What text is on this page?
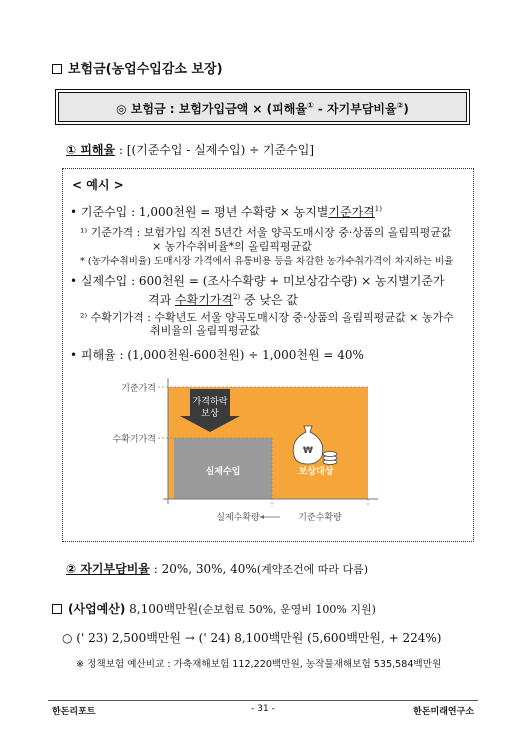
보험금(농업수입감소 보장)
◎ 보험금 : 보험가입금액 × (피해율① - 자기부담비율②)
① 피해율 : [(기준수입 - 실제수입) ÷ 기준수입]
< 예시 >
• 기준수입 : 1,000천원 = 평년 수확량 × 농지별기준가격$^{1)}$
¹⁾ 기준가격 : 보험가입 직전 5년간 서울 양곡도매시장 중·상품의 올림픽평균값
× 농가수취비율*의 올림픽평균값
* (농가수취비율) 도매시장 가격에서 유통비용 등을 차감한 농가수취가격이 차지하는 비율
• 실제수입 : 600천원 = (조사수확량 + 미보상감수량) × 농지별기준가
격과 수확기가격$^{2)}$ 중 낮은 값
²⁾ 수확기가격 : 수확년도 서울 양곡도매시장 중·상품의 올림픽평균값 × 농가수
취비율의 올림픽평균값
• 피해율 : (1,000천원-600천원) ÷ 1,000천원 = 40%
가격하락
보상
₩
기준가격
수확기가격
실제수입	보상대상
실제수확량	기준수확량
② 자기부담비율 : 20%, 30%, 40%(계약조건에 따라 다름)
(사업예산) 8,100백만원(순보험료 50%, 운영비 100% 지원)
○ (' 23) 2,500백만원 → (' 24) 8,100백만원 (5,600백만원, + 224%)
※ 정책보험 예산비교 : 가축재해보험 112,220백만원, 농작물재해보험 535,584백만원
한돈리포트	- 31 -	한돈미래연구소
